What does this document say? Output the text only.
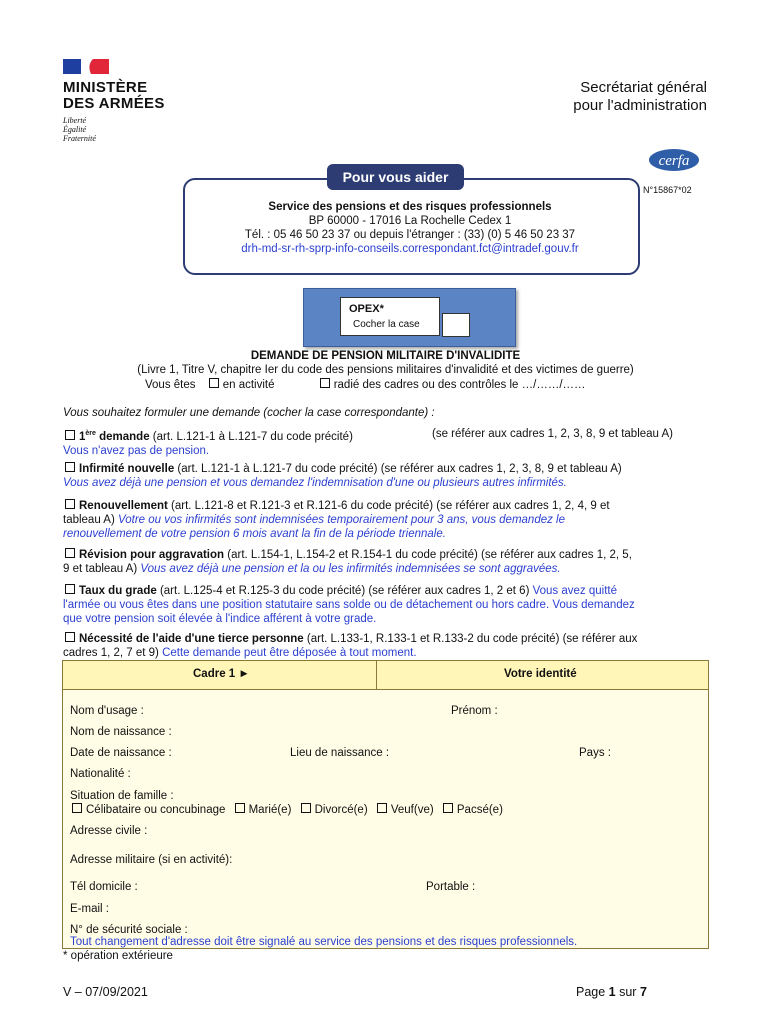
MINISTÈRE
DES ARMÉES
Liberté
Égalité
Fraternité
Secrétariat général
pour l'administration
cerfa
N°15867*02
Pour vous aider
Service des pensions et des risques professionnels
BP 60000 - 17016 La Rochelle Cedex 1
Tél. : 05 46 50 23 37 ou depuis l'étranger : (33) (0) 5 46 50 23 37
drh-md-sr-rh-sprp-info-conseils.correspondant.fct@intradef.gouv.fr
OPEX*
Cocher la case
DEMANDE DE PENSION MILITAIRE D'INVALIDITE
(Livre 1, Titre V, chapitre Ier du code des pensions militaires d'invalidité et des victimes de guerre)
Vous êtes en activité	radié des cadres ou des contrôles le …/……/……
Vous souhaitez formuler une demande (cocher la case correspondante) :
1ère demande (art. L.121-1 à L.121-7 du code précité)	(se référer aux cadres 1, 2, 3, 8, 9 et tableau A)

Vous n'avez pas de pension.
Infirmité nouvelle (art. L.121-1 à L.121-7 du code précité) (se référer aux cadres 1, 2, 3, 8, 9 et tableau A)
Vous avez déjà une pension et vous demandez l'indemnisation d'une ou plusieurs autres infirmités.
Renouvellement (art. L.121-8 et R.121-3 et R.121-6 du code précité) (se référer aux cadres 1, 2, 4, 9 et
tableau A) Votre ou vos infirmités sont indemnisées temporairement pour 3 ans, vous demandez le
renouvellement de votre pension 6 mois avant la fin de la période triennale.
Révision pour aggravation (art. L.154-1, L.154-2 et R.154-1 du code précité) (se référer aux cadres 1, 2, 5,
9 et tableau A) Vous avez déjà une pension et la ou les infirmités indemnisées se sont aggravées.
Taux du grade (art. L.125-4 et R.125-3 du code précité) (se référer aux cadres 1, 2 et 6) Vous avez quitté
l'armée ou vous êtes dans une position statutaire sans solde ou de détachement ou hors cadre. Vous demandez
que votre pension soit élevée à l'indice afférent à votre grade.
Nécessité de l'aide d'une tierce personne (art. L.133-1, R.133-1 et R.133-2 du code précité) (se référer aux
cadres 1, 2, 7 et 9) Cette demande peut être déposée à tout moment.
Cadre 1 ►	Votre identité
Nom d'usage :	Prénom :
Nom de naissance :
Date de naissance :	Lieu de naissance :	Pays :
Nationalité :
Situation de famille :
Célibataire ou concubinage Marié(e) Divorcé(e) Veuf(ve) Pacsé(e)
Adresse civile :
Adresse militaire (si en activité):
Tél domicile :	Portable :
E-mail :
N° de sécurité sociale :
Tout changement d'adresse doit être signalé au service des pensions et des risques professionnels.
* opération extérieure
V – 07/09/2021	Page 1 sur 7
